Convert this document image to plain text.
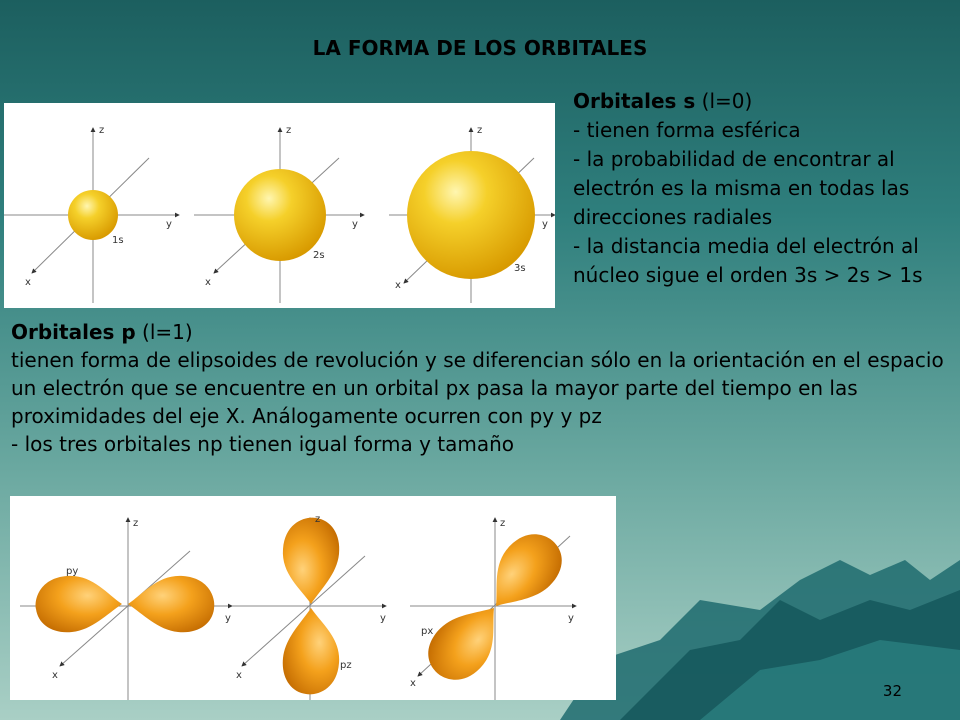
LA FORMA DE LOS ORBITALES
z
y
x
1s
z
y
x
2s
z
y
x
3s
Orbitales s (l=0)
- tienen forma esférica
- la probabilidad de encontrar al electrón es la misma en todas las direcciones radiales
- la distancia media del electrón al núcleo sigue el orden 3s > 2s > 1s
Orbitales p (l=1)
tienen forma de elipsoides de revolución y se diferencian sólo en la orientación en el espacio
un electrón que se encuentre en un orbital px pasa la mayor parte del tiempo en las  proximidades del eje X. Análogamente ocurren con py y pz
- los tres orbitales np tienen igual forma y tamaño
z
y
x
py
z
y
x
pz
z
y
x
px
32
